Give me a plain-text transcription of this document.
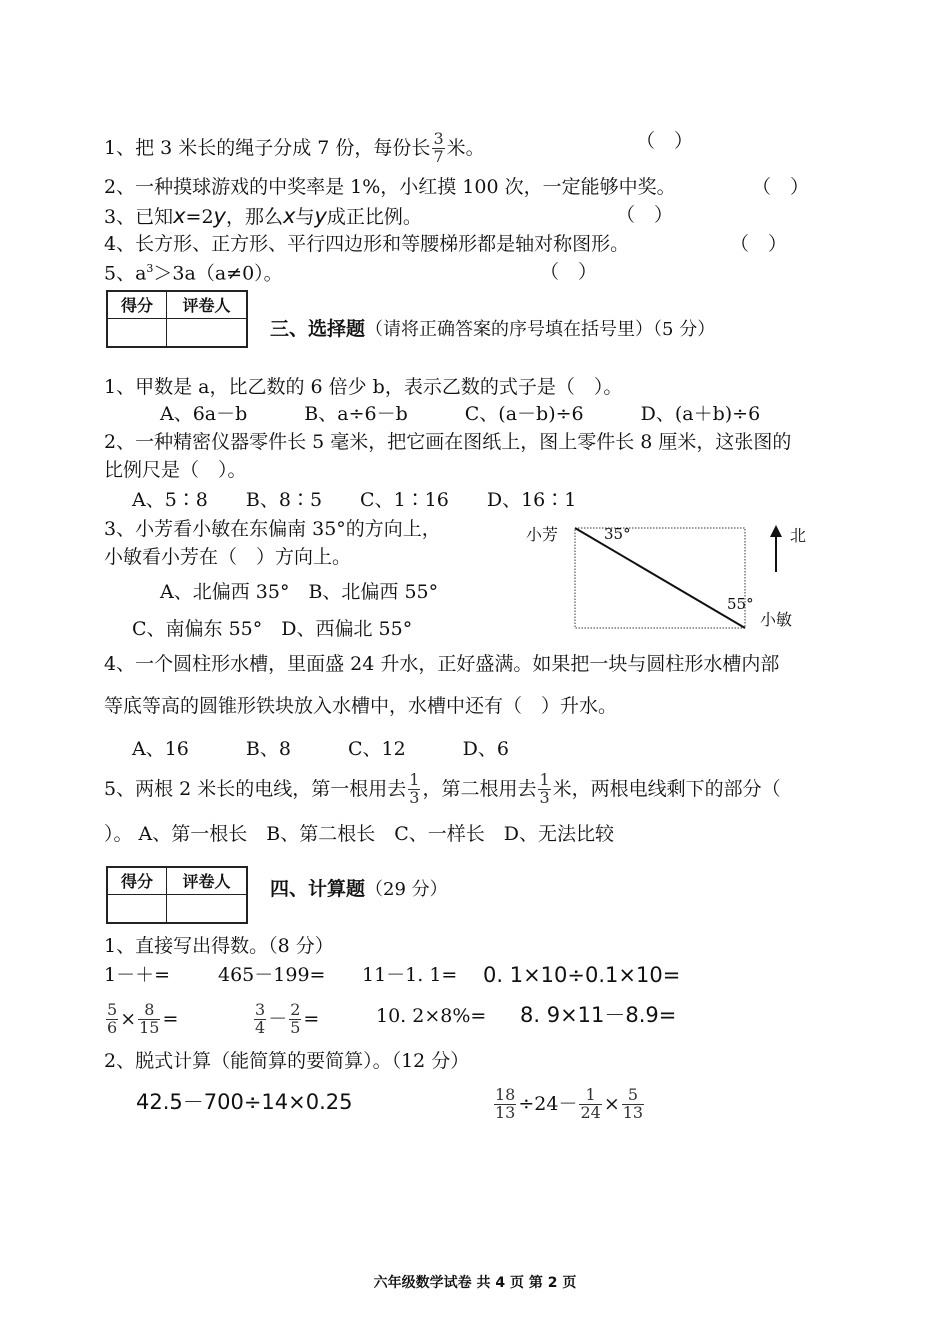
1、把 3 米长的绳子分成 7 份，每份长 $\frac{3}{7}$ 米。	（　）
2、一种摸球游戏的中奖率是 1%，小红摸 100 次，一定能够中奖。	（　）
3、已知x=2y，那么x与y成正比例。	（　）
4、长方形、正方形、平行四边形和等腰梯形都是轴对称图形。	（　）
5、$a^3>3a(a\ne 0)$。	（　）
得分	评卷人

三、选择题（请将正确答案的序号填在括号里）（5 分）
1、甲数是 a，比乙数的 6 倍少 b，表示乙数的式子是（　）。
A、6a－b　　　B、a÷6－b　　　C、(a－b)÷6　　　D、(a＋b)÷6
2、一种精密仪器零件长 5 毫米，把它画在图纸上，图上零件长 8 厘米，这张图的
比例尺是（　）。
A、5∶8　　B、8∶5　　C、1∶16　　D、16∶1
3、小芳看小敏在东偏南 35°的方向上，
小敏看小芳在（　）方向上。
A、北偏西 35°　B、北偏西 55°
C、南偏东 55°　D、西偏北 55°
小芳	35°
55°
小敏
北
4、一个圆柱形水槽，里面盛 24 升水，正好盛满。如果把一块与圆柱形水槽内部
等底等高的圆锥形铁块放入水槽中，水槽中还有（　）升水。
A、16　　　B、8　　　C、12　　　D、6
5、两根 2 米长的电线，第一根用去 $\frac{1}{3}$ ，第二根用去 $\frac{1}{3}$ 米，两根电线剩下的部分（
）。 A、第一根长　B、第二根长　C、一样长　D、无法比较
得分	评卷人
	四、计算题（29 分）
1、直接写出得数。（8 分）
1－＋=	465－199= 11－1. 1= 0. 1×10÷0.1×10=
$\frac{5}{6} \times \frac{8}{15}$ =	$\frac{3}{4} - \frac{2}{5}$ =	10. 2×8%= 8. 9×11－8.9=
2、脱式计算（能简算的要简算）。（12 分）
42.5－700÷14×0.25	$\frac{18}{13} \div 24- \frac{1}{24} \times \frac{5}{13}$
六年级数学试卷 共 4 页 第 2 页
